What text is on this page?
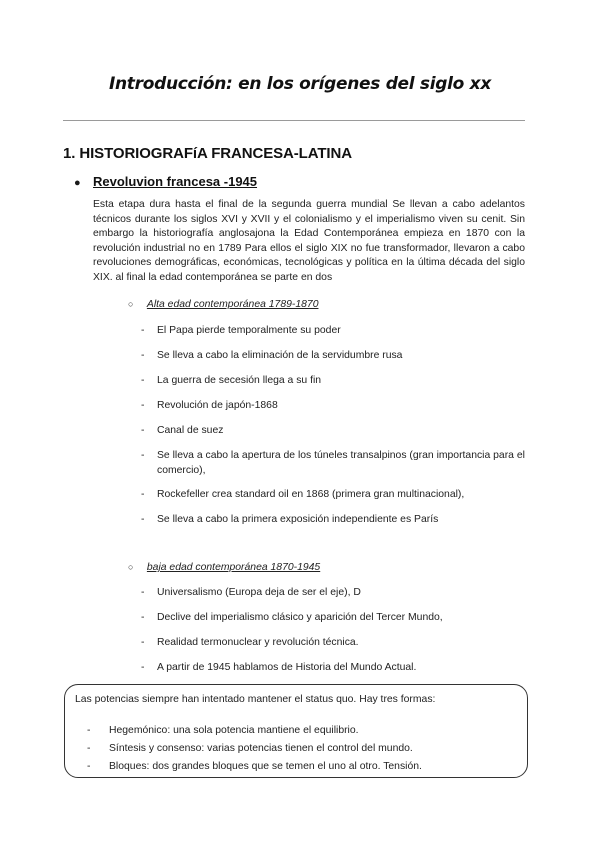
Introducción: en los orígenes del siglo xx
1. HISTORIOGRAFíA FRANCESA-LATINA
● Revoluvion francesa -1945
Esta etapa dura hasta el final de la segunda guerra mundial Se llevan a cabo adelantos técnicos durante los siglos XVI y XVII y el colonialismo y el imperialismo viven su cenit. Sin embargo la historiografía anglosajona la Edad Contemporánea empieza en 1870 con la revolución industrial no en 1789 Para ellos el siglo XIX no fue transformador, llevaron a cabo revoluciones demográficas, económicas, tecnológicas y política en la última década del siglo XIX. al final la edad contemporánea se parte en dos
○ Alta edad contemporánea 1789-1870
- El Papa pierde temporalmente su poder
- Se lleva a cabo la eliminación de la servidumbre rusa
- La guerra de secesión llega a su fin
- Revolución de japón-1868
- Canal de suez
- Se lleva a cabo la apertura de los túneles transalpinos (gran importancia para el comercio),
- Rockefeller crea standard oil en 1868 (primera gran multinacional),
- Se lleva a cabo la primera exposición independiente es París
○ baja edad contemporánea 1870-1945
- Universalismo (Europa deja de ser el eje), D
- Declive del imperialismo clásico y aparición del Tercer Mundo,
- Realidad termonuclear y revolución técnica.
- A partir de 1945 hablamos de Historia del Mundo Actual.
Las potencias siempre han intentado mantener el status quo. Hay tres formas:
- Hegemónico: una sola potencia mantiene el equilibrio.
- Síntesis y consenso: varias potencias tienen el control del mundo.
- Bloques: dos grandes bloques que se temen el uno al otro. Tensión.
